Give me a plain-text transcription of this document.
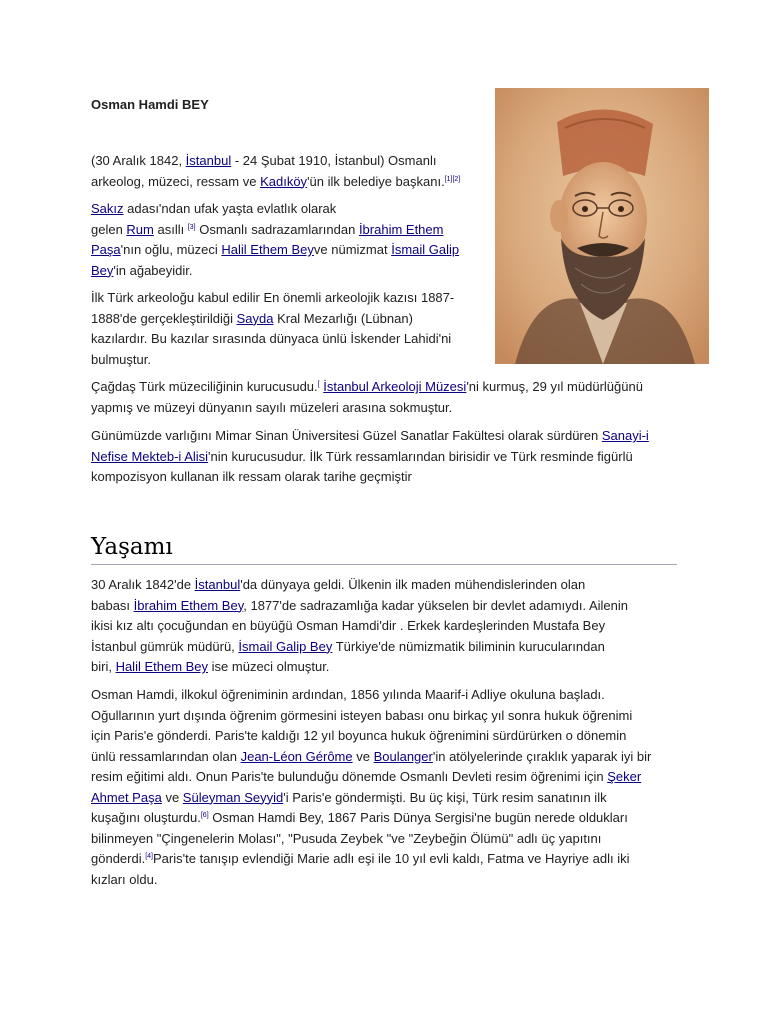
Osman Hamdi BEY

(30 Aralık 1842, İstanbul - 24 Şubat 1910, İstanbul) Osmanlı
arkeolog, müzeci, ressam ve Kadıköy'ün ilk belediye başkanı.[1][2]

Sakız adası'ndan ufak yaşta evlatlık olarak
gelen Rum asıllı [3] Osmanlı sadrazamlarından İbrahim Ethem
Paşa'nın oğlu, müzeci Halil Ethem Beyve nümizmat İsmail Galip
Bey'in ağabeyidir.

İlk Türk arkeoloğu kabul edilir En önemli arkeolojik kazısı 1887-
1888'de gerçekleştirildiği Sayda Kral Mezarlığı (Lübnan)
kazılardır. Bu kazılar sırasında dünyaca ünlü İskender Lahidi'ni
bulmuştur.

Çağdaş Türk müzeciliğinin kurucusudu.[ İstanbul Arkeoloji Müzesi'ni kurmuş, 29 yıl müdürlüğünü
yapmış ve müzeyi dünyanın sayılı müzeleri arasına sokmuştur.

Günümüzde varlığını Mimar Sinan Üniversitesi Güzel Sanatlar Fakültesi olarak sürdüren Sanayi-i
Nefise Mekteb-i Alisi'nin kurucusudur. İlk Türk ressamlarından birisidir ve Türk resminde figürlü
kompozisyon kullanan ilk ressam olarak tarihe geçmiştir

Yaşamı

30 Aralık 1842'de İstanbul'da dünyaya geldi. Ülkenin ilk maden mühendislerinden olan
babası İbrahim Ethem Bey, 1877'de sadrazamlığa kadar yükselen bir devlet adamıydı. Ailenin
ikisi kız altı çocuğundan en büyüğü Osman Hamdi'dir . Erkek kardeşlerinden Mustafa Bey
İstanbul gümrük müdürü, İsmail Galip Bey Türkiye'de nümizmatik biliminin kurucularından
biri, Halil Ethem Bey ise müzeci olmuştur.

Osman Hamdi, ilkokul öğreniminin ardından, 1856 yılında Maarif-i Adliye okuluna başladı.
Oğullarının yurt dışında öğrenim görmesini isteyen babası onu birkaç yıl sonra hukuk öğrenimi
için Paris'e gönderdi. Paris'te kaldığı 12 yıl boyunca hukuk öğrenimini sürdürürken o dönemin
ünlü ressamlarından olan Jean-Léon Gérôme ve Boulanger'in atölyelerinde çıraklık yaparak iyi bir
resim eğitimi aldı. Onun Paris'te bulunduğu dönemde Osmanlı Devleti resim öğrenimi için Şeker
Ahmet Paşa ve Süleyman Seyyid'i Paris'e göndermişti. Bu üç kişi, Türk resim sanatının ilk
kuşağını oluşturdu.[6] Osman Hamdi Bey, 1867 Paris Dünya Sergisi'ne bugün nerede oldukları
bilinmeyen "Çingenelerin Molası", "Pusuda Zeybek "ve "Zeybeğin Ölümü" adlı üç yapıtını
gönderdi.[4]Paris'te tanışıp evlendiği Marie adlı eşi ile 10 yıl evli kaldı, Fatma ve Hayriye adlı iki
kızları oldu.
